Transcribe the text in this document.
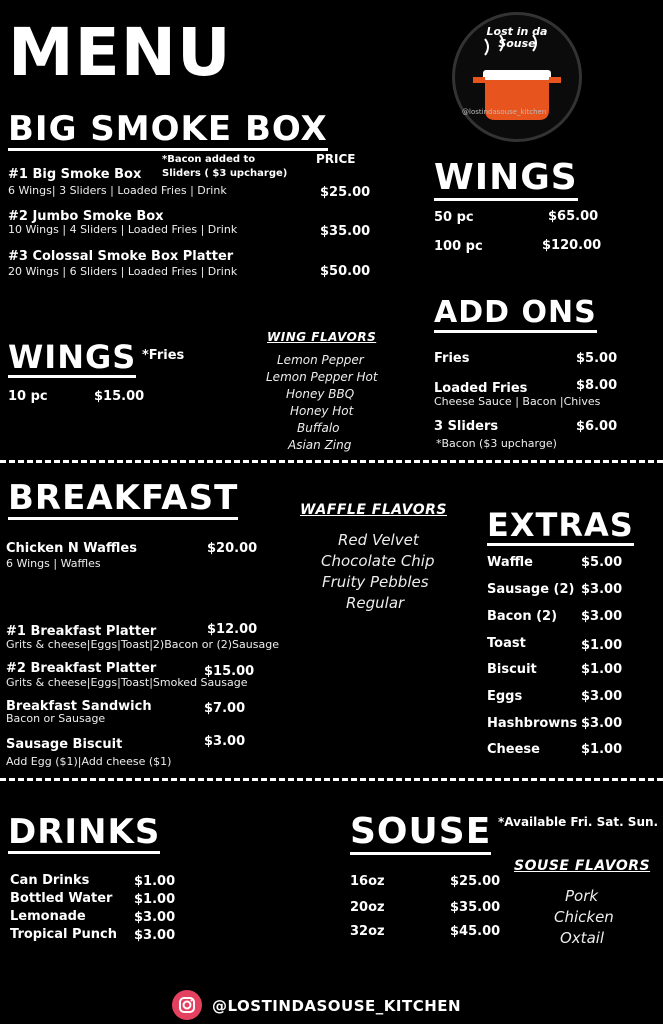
MENU	Lost in da Souse
@lostindasouse_kitchen
BIG SMOKE BOX
*Bacon added to
Sliders ( $3 upcharge)
PRICE
#1 Big Smoke Box
6 Wings| 3 Sliders | Loaded Fries | Drink	$25.00
#2 Jumbo Smoke Box
10 Wings | 4 Sliders | Loaded Fries | Drink	$35.00
#3 Colossal Smoke Box Platter
20 Wings | 6 Sliders | Loaded Fries | Drink	$50.00
WINGS
50 pc	$65.00
100 pc	$120.00
ADD ONS
Fries	$5.00
Loaded Fries
Cheese Sauce | Bacon |Chives
$8.00
3 Sliders
*Bacon ($3 upcharge)
$6.00
WINGS *Fries
10 pc	$15.00
WING FLAVORS
Lemon Pepper
Lemon Pepper Hot
Honey BBQ
Honey Hot
Buffalo
Asian Zing
BREAKFAST
Chicken N Waffles
6 Wings | Waffles
$20.00
#1 Breakfast Platter
Grits & cheese|Eggs|Toast|2)Bacon or (2)Sausage
$12.00
#2 Breakfast Platter
Grits & cheese|Eggs|Toast|Smoked Sausage
$15.00
Breakfast Sandwich
Bacon or Sausage
$7.00
Sausage Biscuit
Add Egg ($1)|Add cheese ($1)
$3.00
WAFFLE FLAVORS
Red Velvet
Chocolate Chip
Fruity Pebbles
Regular
EXTRAS
Waffle	$5.00
Sausage (2) $3.00
Bacon (2) $3.00
Toast	$1.00
Biscuit	$1.00
Eggs	$3.00
Hashbrowns $3.00
Cheese	$1.00
DRINKS
Can Drinks	$1.00
Bottled Water $1.00
Lemonade	$3.00
Tropical Punch $3.00
SOUSE *Available Fri. Sat. Sun.
16oz	$25.00
20oz	$35.00
32oz	$45.00
SOUSE FLAVORS
Pork
Chicken
Oxtail
@LOSTINDASOUSE_KITCHEN
